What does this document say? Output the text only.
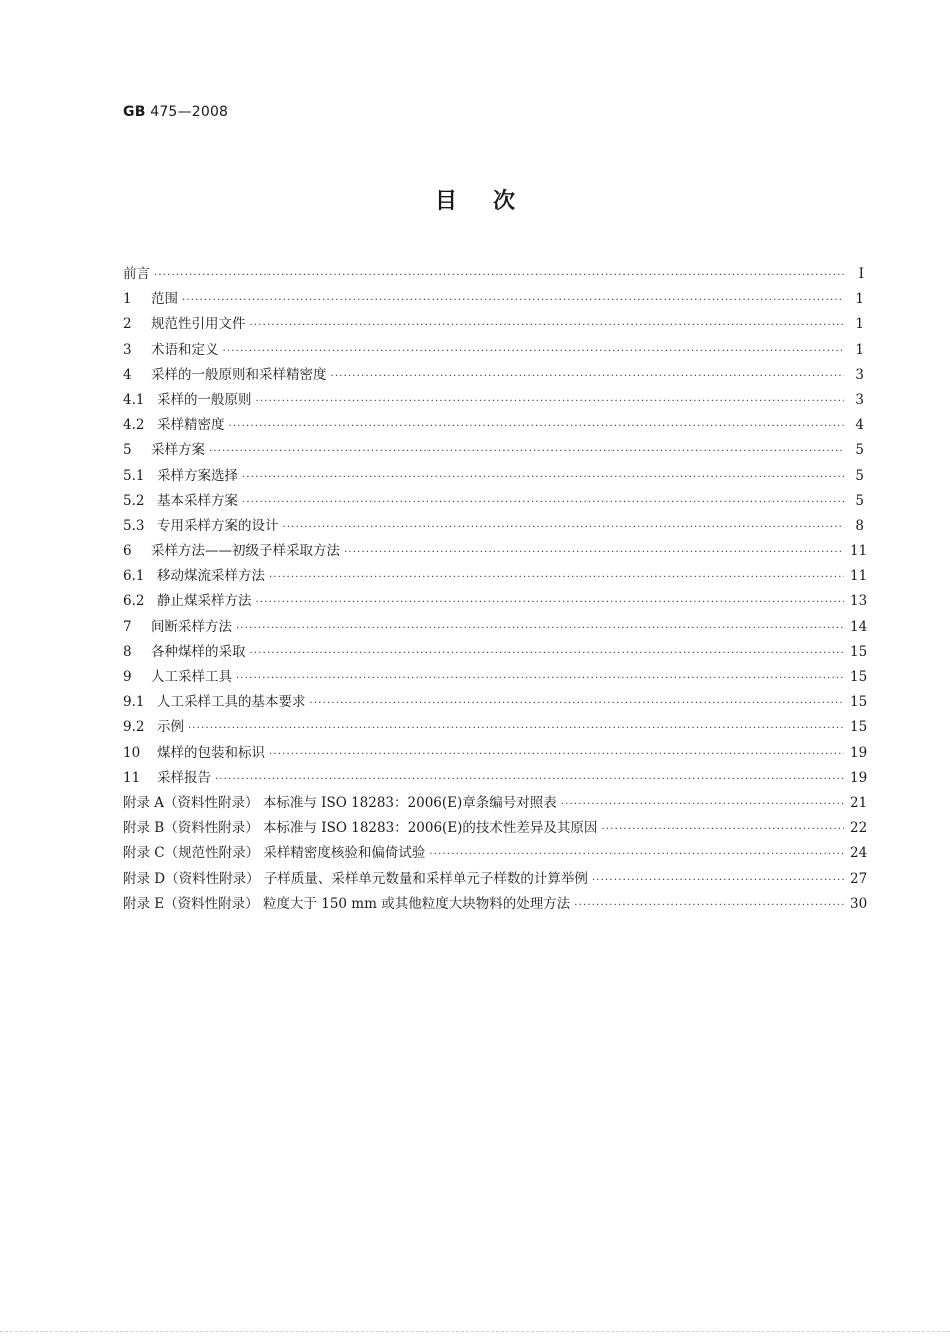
GB 475—2008
目次
前言 ·····	I
1 范围 ·····	1
2 规范性引用文件 ·····	1
3 术语和定义 ·····	1
4 采样的一般原则和采样精密度 ·····	3
4.1 采样的一般原则 ·····	3
4.2 采样精密度 ·····	4
5 采样方案 ·····	5
5.1 采样方案选择 ·····	5
5.2 基本采样方案 ·····	5
5.3 专用采样方案的设计 ·····	8
6 采样方法——初级子样采取方法 ·····	11
6.1 移动煤流采样方法 ·····	11
6.2 静止煤采样方法 ·····	13
7 间断采样方法 ·····	14
8 各种煤样的采取 ·····	15
9 人工采样工具 ·····	15
9.1 人工采样工具的基本要求 ·····	15
9.2 示例 ·····	15
10 煤样的包装和标识 ·····	19
11 采样报告 ·····	19
附录 A（资料性附录） 本标准与 ISO 18283：2006(E)章条编号对照表 ·····	21
附录 B（资料性附录） 本标准与 ISO 18283：2006(E)的技术性差异及其原因 ·····	22
附录 C（规范性附录） 采样精密度核验和偏倚试验 ·····	24
附录 D（资料性附录） 子样质量、采样单元数量和采样单元子样数的计算举例 ·····	27
附录 E（资料性附录） 粒度大于 150 mm 或其他粒度大块物料的处理方法 ·····	30
